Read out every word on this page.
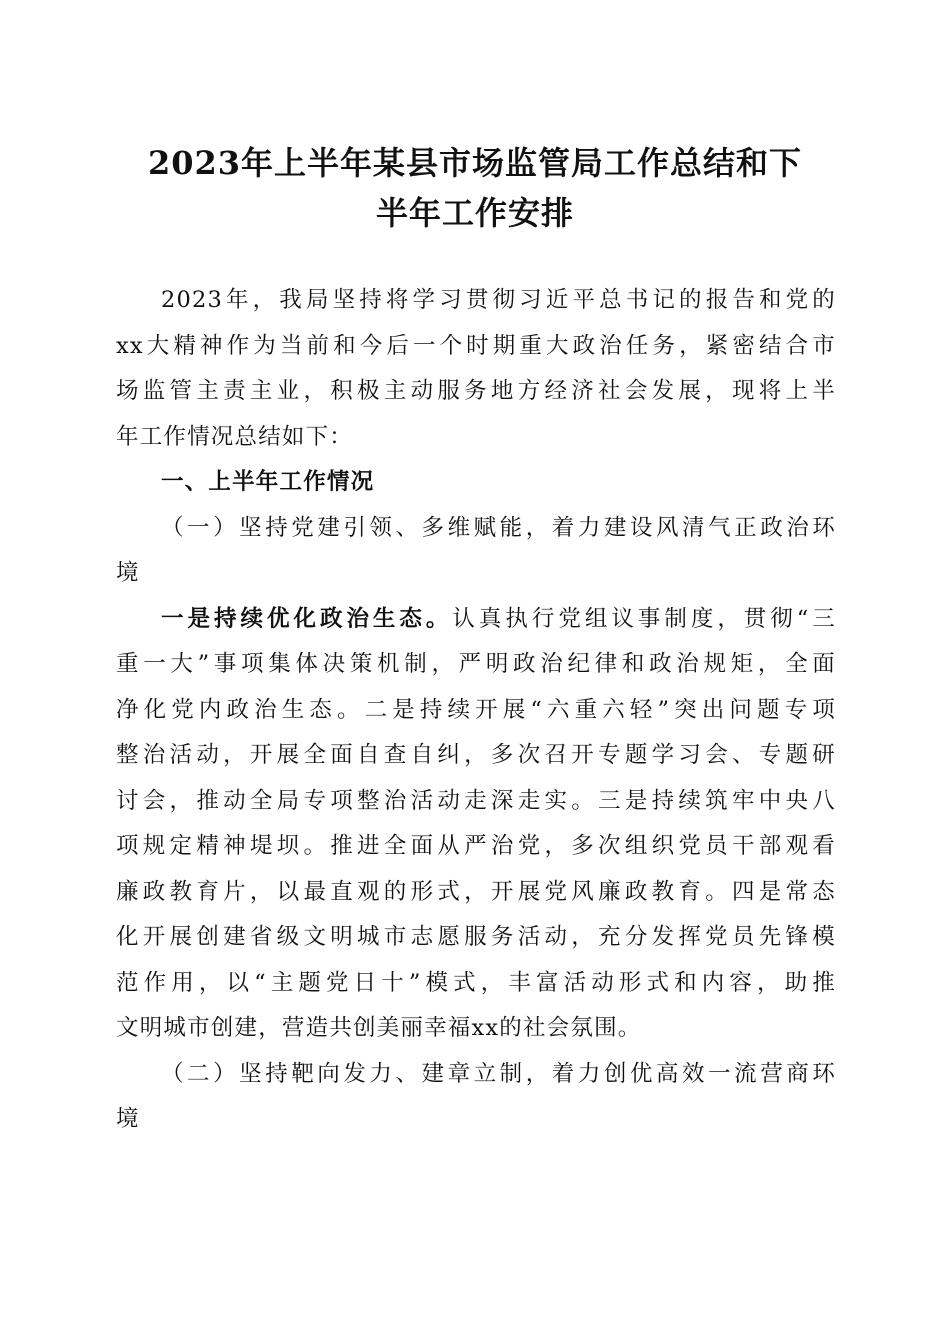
2023年上半年某县市场监管局工作总结和下
半年工作安排
2023年，我局坚持将学习贯彻习近平总书记的报告和党的
xx大精神作为当前和今后一个时期重大政治任务，紧密结合市
场监管主责主业，积极主动服务地方经济社会发展，现将上半
年工作情况总结如下：
一、上半年工作情况
（一）坚持党建引领、多维赋能，着力建设风清气正政治环
境
一是持续优化政治生态。认真执行党组议事制度，贯彻“三
重一大”事项集体决策机制，严明政治纪律和政治规矩，全面
净化党内政治生态。二是持续开展“六重六轻”突出问题专项
整治活动，开展全面自查自纠，多次召开专题学习会、专题研
讨会，推动全局专项整治活动走深走实。三是持续筑牢中央八
项规定精神堤坝。推进全面从严治党，多次组织党员干部观看
廉政教育片，以最直观的形式，开展党风廉政教育。四是常态
化开展创建省级文明城市志愿服务活动，充分发挥党员先锋模
范作用，以“主题党日十”模式，丰富活动形式和内容，助推
文明城市创建，营造共创美丽幸福xx的社会氛围。
（二）坚持靶向发力、建章立制，着力创优高效一流营商环
境
